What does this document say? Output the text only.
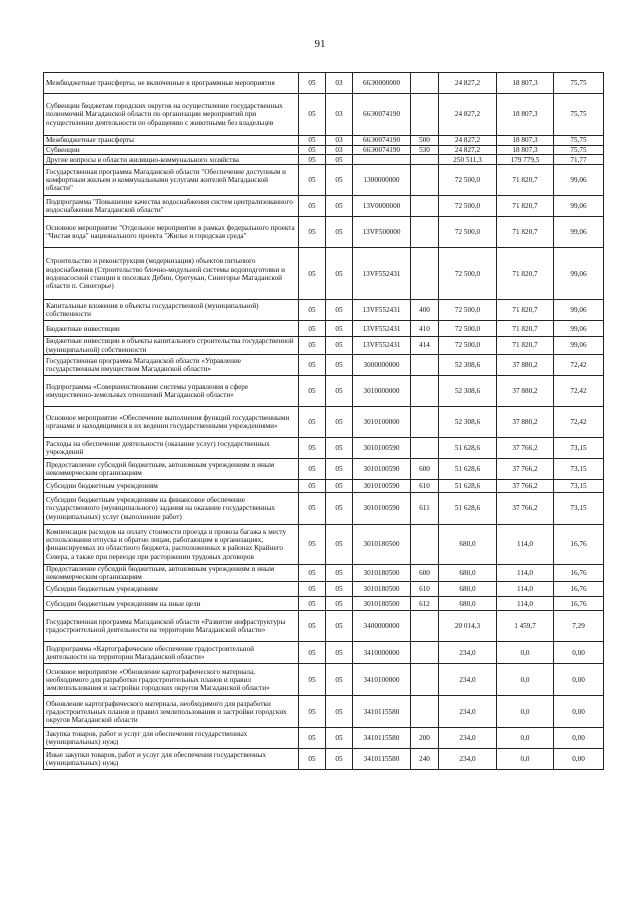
91
Межбюджетные трансферты, не включенные в программные мероприятия	05	03	66Э0000000		24 827,2	18 807,3	75,75
Субвенции бюджетам городских округов на осуществление государственных полномочий Магаданской области по организации мероприятий при осуществлении деятельности по обращению с животными без владельцев	05	03	66Э0074190		24 827,2	18 807,3	75,75
Межбюджетные трансферты	05	03	66Э0074190	500	24 827,2	18 807,3	75,75
Субвенции	05	03	66Э0074190	530	24 827,2	18 807,3	75,75
Другие вопросы в области жилищно-коммунального хозяйства	05	05			250 511,3	179 779,5	71,77
Государственная программа Магаданской области "Обеспечение доступным и комфортным жильем и коммунальными услугами жителей Магаданской области"	05	05	1300000000		72 500,0	71 820,7	99,06
Подпрограмма "Повышение качества водоснабжения систем централизованного водоснабжения Магаданской области"	05	05	13V0000000		72 500,0	71 820,7	99,06
Основное мероприятие "Отдельное мероприятие в рамках федерального проекта "Чистая вода" национального проекта "Жилье и городская среда"	05	05	13VF500000		72 500,0	71 820,7	99,06
Строительство и реконструкция (модернизация) объектов питьевого водоснабжения (Строительство блочно-модульной системы водоподготовки и водонасосной станции в поселках Дебин, Оротукан, Синегорье Магаданской области п. Синегорье)	05	05	13VF552431		72 500,0	71 820,7	99,06
Капитальные вложения в объекты государственной (муниципальной) собственности	05	05	13VF552431	400	72 500,0	71 820,7	99,06
Бюджетные инвестиции	05	05	13VF552431	410	72 500,0	71 820,7	99,06
Бюджетные инвестиции в объекты капитального строительства государственной (муниципальной) собственности	05	05	13VF552431	414	72 500,0	71 820,7	99,06
Государственная программа Магаданской области «Управление государственным имуществом Магаданской области»	05	05	3000000000		52 308,6	37 880,2	72,42
Подпрограмма «Совершенствование системы управления в сфере имущественно-земельных отношений Магаданской области»	05	05	3010000000		52 308,6	37 880,2	72,42
Основное мероприятие «Обеспечение выполнения функций государственными органами и находящимися в их ведении государственными учреждениями»	05	05	3010100000		52 308,6	37 880,2	72,42
Расходы на обеспечение деятельности (оказание услуг) государственных учреждений	05	05	3010100590		51 628,6	37 766,2	73,15
Предоставление субсидий бюджетным, автономным учреждениям и иным некоммерческим организациям	05	05	3010100590	600	51 628,6	37 766,2	73,15
Субсидии бюджетным учреждениям	05	05	3010100590	610	51 628,6	37 766,2	73,15
Субсидии бюджетным учреждениям на финансовое обеспечение государственного (муниципального) задания на оказание государственных (муниципальных) услуг (выполнение работ)	05	05	3010100590	611	51 628,6	37 766,2	73,15
Компенсация расходов на оплату стоимости проезда и провоза багажа к месту использования отпуска и обратно лицам, работающим в организациях, финансируемых из областного бюджета, расположенных в районах Крайнего Севера, а также при переезде при расторжении трудовых договоров	05	05	3010180500		680,0	114,0	16,76
Предоставление субсидий бюджетным, автономным учреждениям и иным некоммерческим организациям	05	05	3010180500	600	680,0	114,0	16,76
Субсидии бюджетным учреждениям	05	05	3010180500	610	680,0	114,0	16,76
Субсидии бюджетным учреждениям на иные цели	05	05	3010180500	612	680,0	114,0	16,76
Государственная программа Магаданской области «Развитие инфраструктуры градостроительной деятельности на территории Магаданской области»	05	05	3400000000		20 014,3	1 459,7	7,29
Подпрограмма «Картографическое обеспечение градостроительной деятельности на территории Магаданской области»	05	05	3410000000		234,0	0,0	0,00
Основное мероприятие «Обновление картографического материала, необходимого для разработки градостроительных планов и правил землепользования и застройки городских округов Магаданской области»	05	05	3410100000		234,0	0,0	0,00
Обновление картографического материала, необходимого для разработки градостроительных планов и правил землепользования и застройки городских округов Магаданской области	05	05	3410115580		234,0	0,0	0,00
Закупка товаров, работ и услуг для обеспечения государственных (муниципальных) нужд	05	05	3410115580	200	234,0	0,0	0,00
Иные закупки товаров, работ и услуг для обеспечения государственных (муниципальных) нужд	05	05	3410115580	240	234,0	0,0	0,00
